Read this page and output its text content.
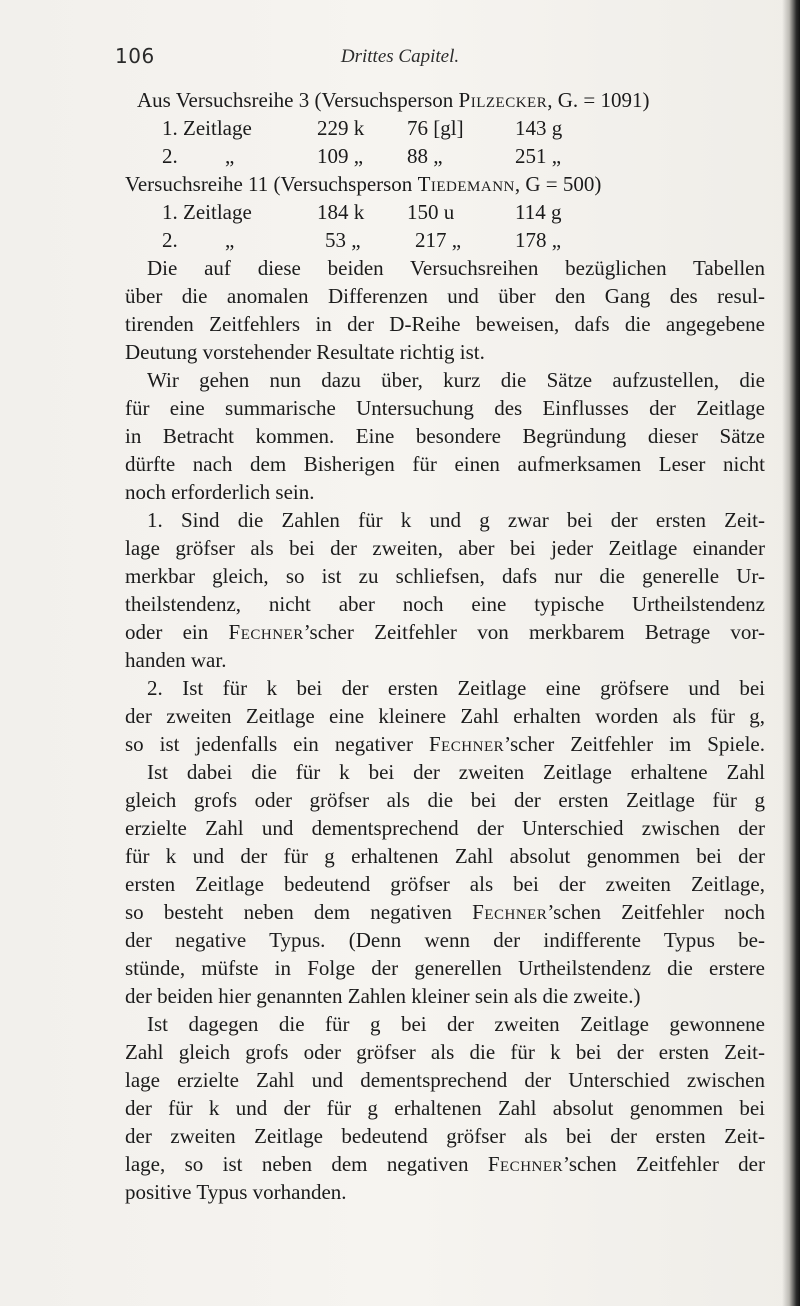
106	Drittes Capitel.
Aus Versuchsreihe 3 (Versuchsperson Pilzecker, G. = 1091)
1. Zeitlage	229 k 76 [gl] 143 g
2. „	109 „ 88 „	251 „
Versuchsreihe 11 (Versuchsperson Tiedemann, G = 500)
1. Zeitlage	184 k 150 u	114 g
2. „	53 „	217 „	178 „
Die auf diese beiden Versuchsreihen bezüglichen Tabellen
über die anomalen Differenzen und über den Gang des resul-
tirenden Zeitfehlers in der D-Reihe beweisen, dafs die angegebene
Deutung vorstehender Resultate richtig ist.
Wir gehen nun dazu über, kurz die Sätze aufzustellen, die
für eine summarische Untersuchung des Einflusses der Zeitlage
in Betracht kommen. Eine besondere Begründung dieser Sätze
dürfte nach dem Bisherigen für einen aufmerksamen Leser nicht
noch erforderlich sein.
1. Sind die Zahlen für k und g zwar bei der ersten Zeit-
lage gröfser als bei der zweiten, aber bei jeder Zeitlage einander
merkbar gleich, so ist zu schliefsen, dafs nur die generelle Ur-
theilstendenz, nicht aber noch eine typische Urtheilstendenz
oder ein Fechner’scher Zeitfehler von merkbarem Betrage vor-
handen war.
2. Ist für k bei der ersten Zeitlage eine gröfsere und bei
der zweiten Zeitlage eine kleinere Zahl erhalten worden als für g,
so ist jedenfalls ein negativer Fechner’scher Zeitfehler im Spiele.
Ist dabei die für k bei der zweiten Zeitlage erhaltene Zahl
gleich grofs oder gröfser als die bei der ersten Zeitlage für g
erzielte Zahl und dementsprechend der Unterschied zwischen der
für k und der für g erhaltenen Zahl absolut genommen bei der
ersten Zeitlage bedeutend gröfser als bei der zweiten Zeitlage,
so besteht neben dem negativen Fechner’schen Zeitfehler noch
der negative Typus. (Denn wenn der indifferente Typus be-
stünde, müfste in Folge der generellen Urtheilstendenz die erstere
der beiden hier genannten Zahlen kleiner sein als die zweite.)
Ist dagegen die für g bei der zweiten Zeitlage gewonnene
Zahl gleich grofs oder gröfser als die für k bei der ersten Zeit-
lage erzielte Zahl und dementsprechend der Unterschied zwischen
der für k und der für g erhaltenen Zahl absolut genommen bei
der zweiten Zeitlage bedeutend gröfser als bei der ersten Zeit-
lage, so ist neben dem negativen Fechner’schen Zeitfehler der
positive Typus vorhanden.
